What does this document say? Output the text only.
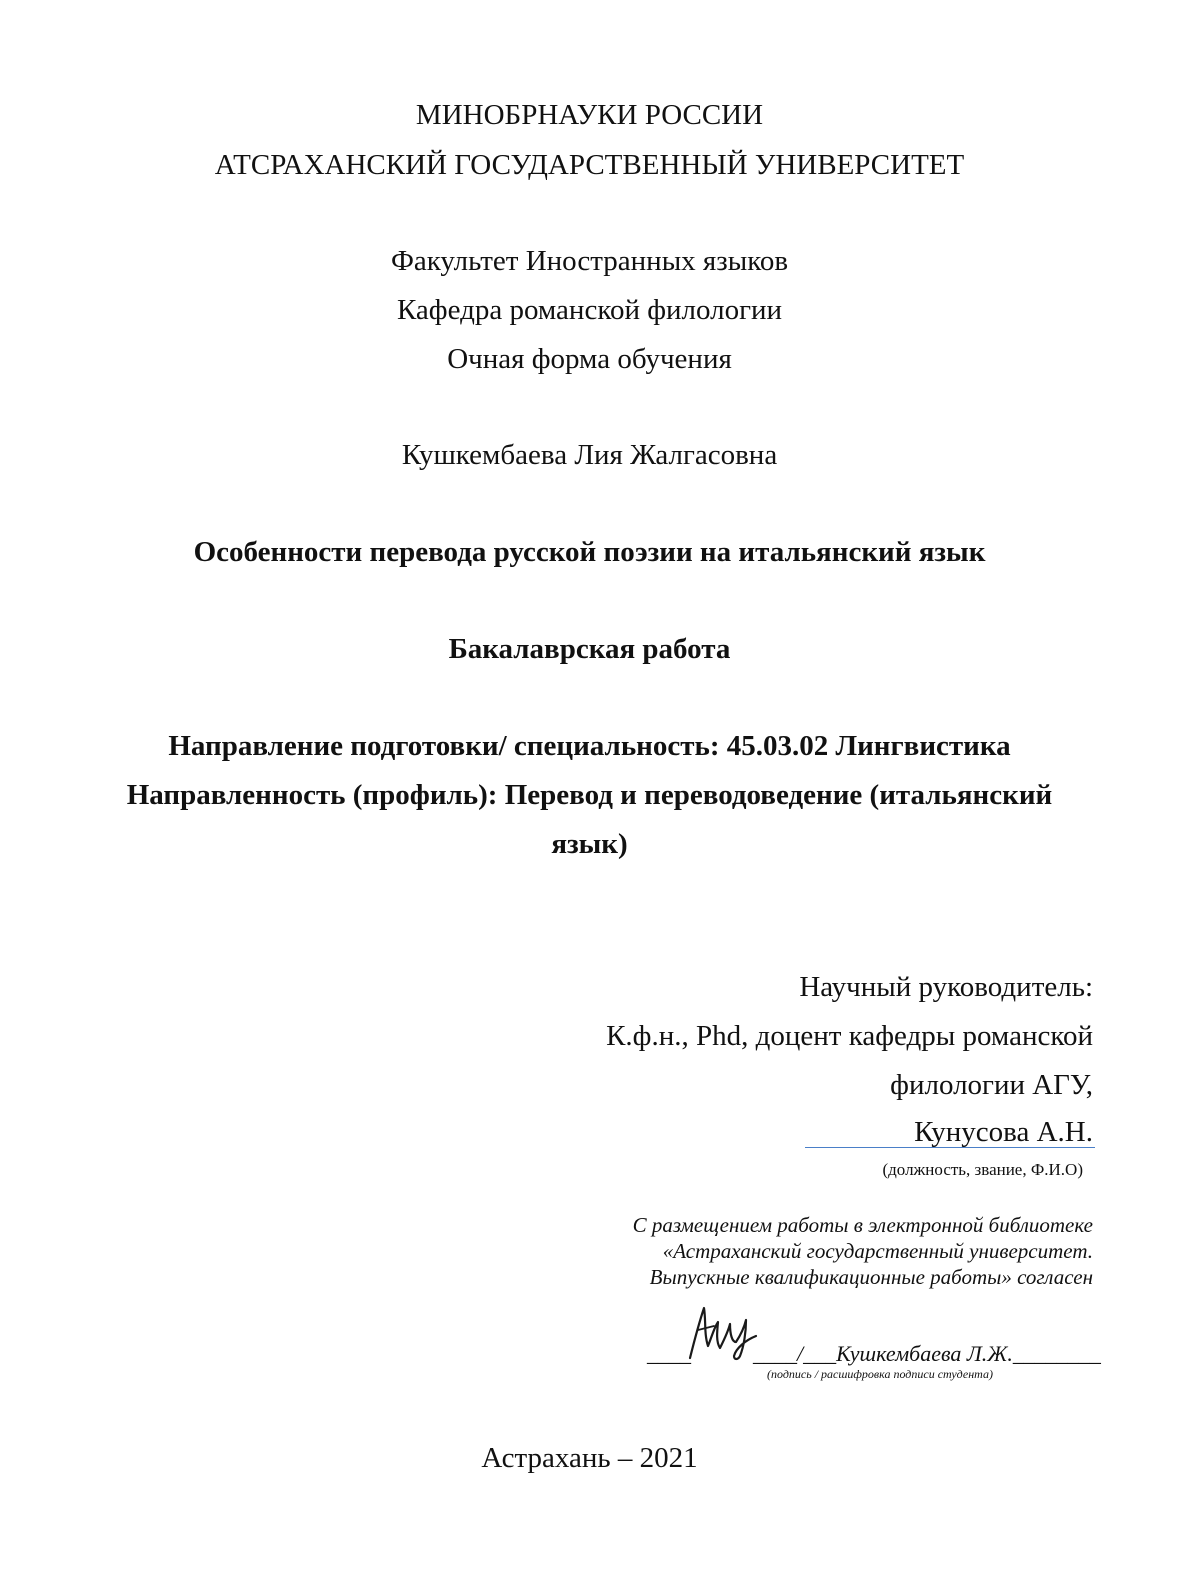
МИНОБРНАУКИ РОССИИ
АТСРАХАНСКИЙ ГОСУДАРСТВЕННЫЙ УНИВЕРСИТЕТ
Факультет Иностранных языков
Кафедра романской филологии
Очная форма обучения
Кушкембаева Лия Жалгасовна
Особенности перевода русской поэзии на итальянский язык
Бакалаврская работа
Направление подготовки/ специальность: 45.03.02 Лингвистика
Направленность (профиль): Перевод и переводоведение (итальянский
язык)
Научный руководитель:
К.ф.н., Phd, доцент кафедры романской
филологии АГУ,
Кунусова А.Н.
(должность, звание, Ф.И.О)
С размещением работы в электронной библиотеке
«Астраханский государственный университет.
Выпускные квалификационные работы» согласен
____	____/___Кушкембаева Л.Ж.________
(подпись / расшифровка подписи студента)
Астрахань – 2021
